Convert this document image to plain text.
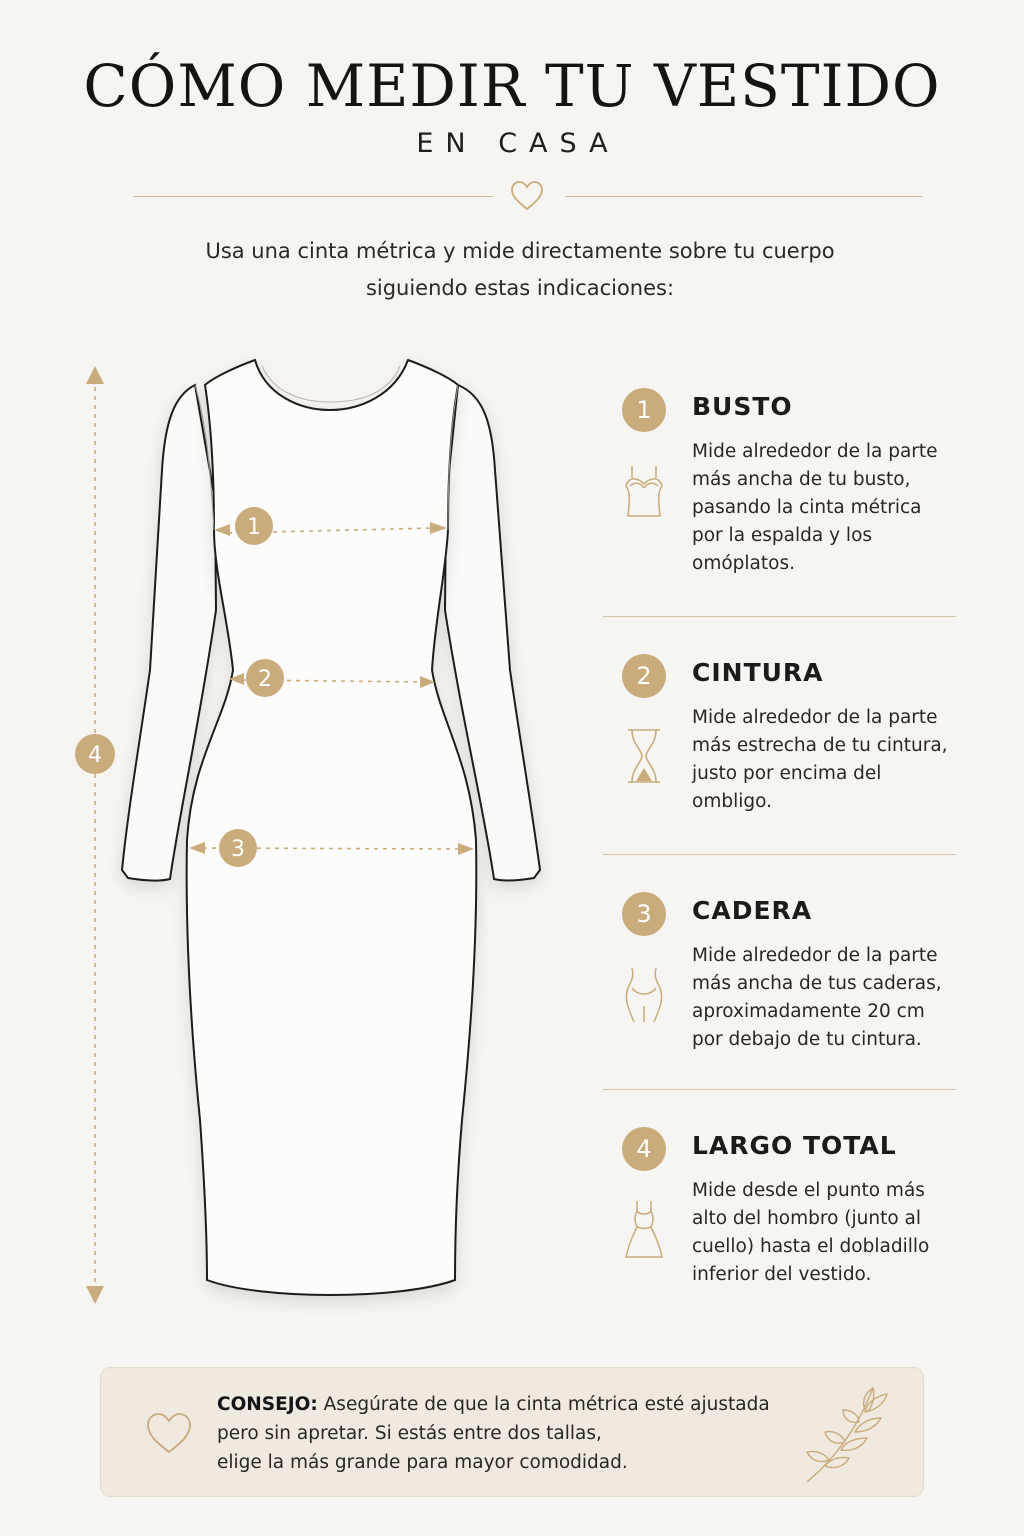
CÓMO MEDIR TU VESTIDO
EN CASA
Usa una cinta métrica y mide directamente sobre tu cuerpo
siguiendo estas indicaciones:
1
2
3
4
1	BUSTO
Mide alrededor de la parte
más ancha de tu busto,
pasando la cinta métrica
por la espalda y los
omóplatos.
2	CINTURA
Mide alrededor de la parte
más estrecha de tu cintura,
justo por encima del
ombligo.
3	CADERA
Mide alrededor de la parte
más ancha de tus caderas,
aproximadamente 20 cm
por debajo de tu cintura.
4	LARGO TOTAL
Mide desde el punto más
alto del hombro (junto al
cuello) hasta el dobladillo
inferior del vestido.
CONSEJO: Asegúrate de que la cinta métrica esté ajustada
pero sin apretar. Si estás entre dos tallas,
elige la más grande para mayor comodidad.
